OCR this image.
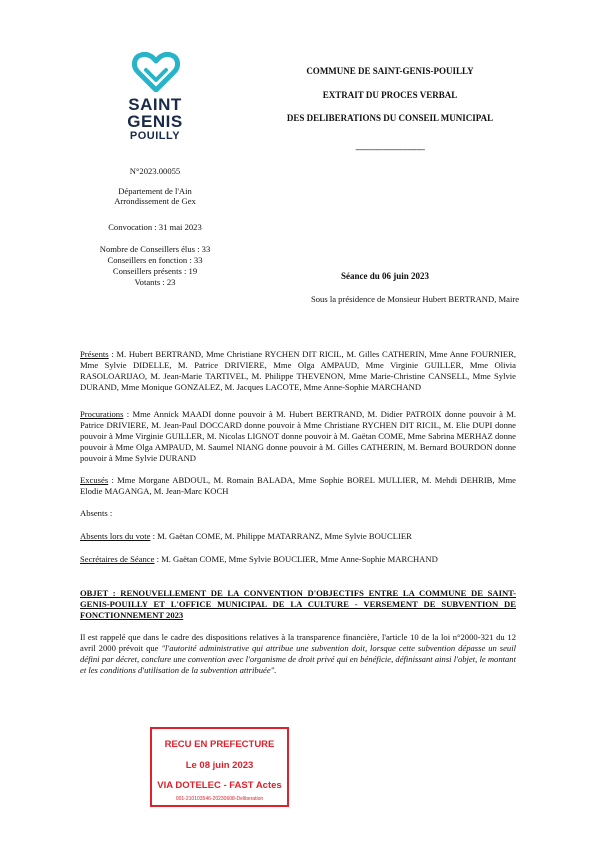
SAINT
GENIS
POUILLY
COMMUNE DE SAINT-GENIS-POUILLY
EXTRAIT DU PROCES VERBAL
DES DELIBERATIONS DU CONSEIL MUNICIPAL
--------------------------------
N°2023.00055
Département de l'Ain
Arrondissement de Gex
Convocation : 31 mai 2023
Nombre de Conseillers élus : 33
Conseillers en fonction : 33
Conseillers présents : 19
Votants : 23
Séance du 06 juin 2023
Sous la présidence de Monsieur Hubert BERTRAND, Maire
Présents : M. Hubert BERTRAND, Mme Christiane RYCHEN DIT RICIL, M. Gilles CATHERIN, Mme Anne FOURNIER, Mme Sylvie DIDELLE, M. Patrice DRIVIERE, Mme Olga AMPAUD, Mme Virginie GUILLER, Mme Olivia RASOLOARIJAO, M. Jean-Marie TARTIVEL, M. Philippe THEVENON, Mme Marie-Christine CANSELL, Mme Sylvie DURAND, Mme Monique GONZALEZ, M. Jacques LACOTE, Mme Anne-Sophie MARCHAND
Procurations : Mme Annick MAADI donne pouvoir à M. Hubert BERTRAND, M. Didier PATROIX donne pouvoir à M. Patrice DRIVIERE, M. Jean-Paul DOCCARD donne pouvoir à Mme Christiane RYCHEN DIT RICIL, M. Elie DUPI donne pouvoir à Mme Virginie GUILLER, M. Nicolas LIGNOT donne pouvoir à M. Gaëtan COME, Mme Sabrina MERHAZ donne pouvoir à Mme Olga AMPAUD, M. Saumel NIANG donne pouvoir à M. Gilles CATHERIN, M. Bernard BOURDON donne pouvoir à Mme Sylvie DURAND
Excusés : Mme Morgane ABDOUL, M. Romain BALADA, Mme Sophie BOREL MULLIER, M. Mehdi DEHRIB, Mme Elodie MAGANGA, M. Jean-Marc KOCH
Absents :
Absents lors du vote : M. Gaëtan COME, M. Philippe MATARRANZ, Mme Sylvie BOUCLIER
Secrétaires de Séance : M. Gaëtan COME, Mme Sylvie BOUCLIER, Mme Anne-Sophie MARCHAND
OBJET : RENOUVELLEMENT DE LA CONVENTION D'OBJECTIFS ENTRE LA COMMUNE DE SAINT-GENIS-POUILLY ET L'OFFICE MUNICIPAL DE LA CULTURE - VERSEMENT DE SUBVENTION DE FONCTIONNEMENT 2023
Il est rappelé que dans le cadre des dispositions relatives à la transparence financière, l'article 10 de la loi n°2000-321 du 12 avril 2000 prévoit que "l'autorité administrative qui attribue une subvention doit, lorsque cette subvention dépasse un seuil défini par décret, conclure une convention avec l'organisme de droit privé qui en bénéficie, définissant ainsi l'objet, le montant et les conditions d'utilisation de la subvention attribuée".
RECU EN PREFECTURE
Le 08 juin 2023
VIA DOTELEC - FAST Actes
001-210103546-20230608-Deliberation
